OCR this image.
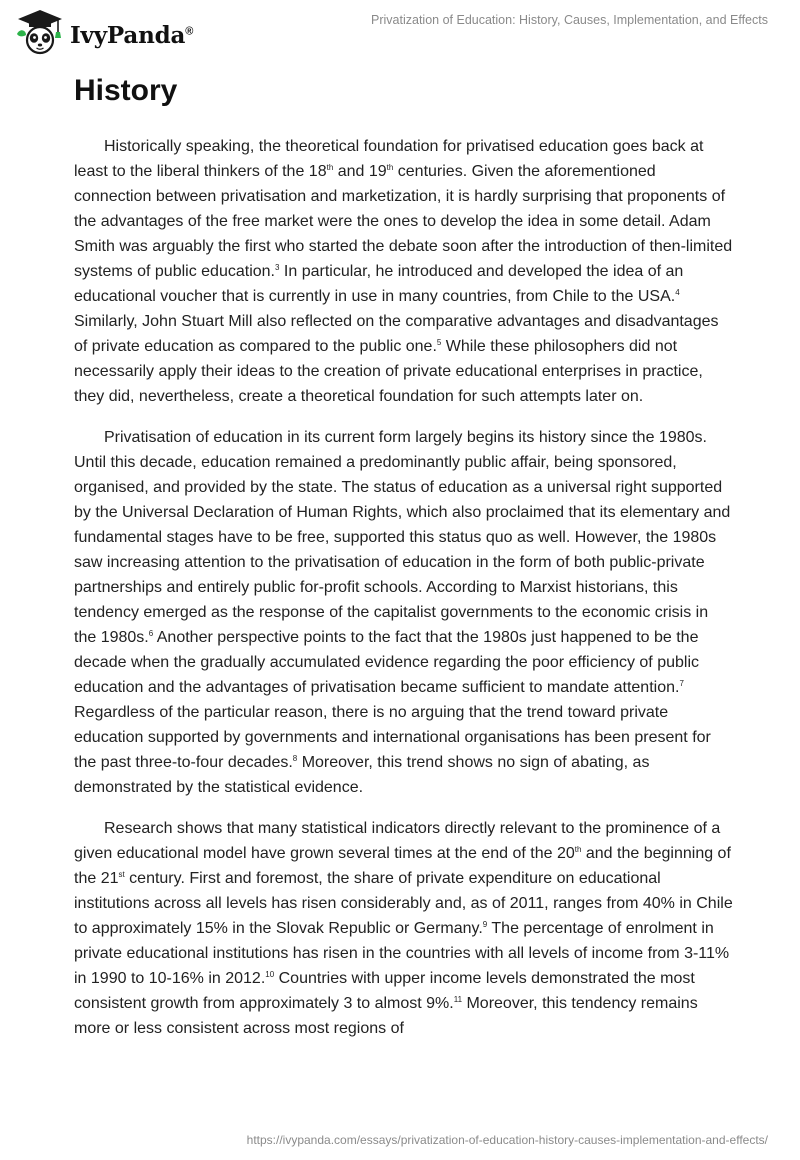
IvyPanda®
Privatization of Education: History, Causes, Implementation, and Effects
History

Historically speaking, the theoretical foundation for privatised education goes back at least to the liberal thinkers of the 18th and 19th centuries. Given the aforementioned connection between privatisation and marketization, it is hardly surprising that proponents of the advantages of the free market were the ones to develop the idea in some detail. Adam Smith was arguably the first who started the debate soon after the introduction of then-limited systems of public education.$^3$ In particular, he introduced and developed the idea of an educational voucher that is currently in use in many countries, from Chile to the USA.$^4$ Similarly, John Stuart Mill also reflected on the comparative advantages and disadvantages of private education as compared to the public one.$^5$ While these philosophers did not necessarily apply their ideas to the creation of private educational enterprises in practice, they did, nevertheless, create a theoretical foundation for such attempts later on.

Privatisation of education in its current form largely begins its history since the 1980s. Until this decade, education remained a predominantly public affair, being sponsored, organised, and provided by the state. The status of education as a universal right supported by the Universal Declaration of Human Rights, which also proclaimed that its elementary and fundamental stages have to be free, supported this status quo as well. However, the 1980s saw increasing attention to the privatisation of education in the form of both public-private partnerships and entirely public for-profit schools. According to Marxist historians, this tendency emerged as the response of the capitalist governments to the economic crisis in the 1980s.$^6$ Another perspective points to the fact that the 1980s just happened to be the decade when the gradually accumulated evidence regarding the poor efficiency of public education and the advantages of privatisation became sufficient to mandate attention.$^7$ Regardless of the particular reason, there is no arguing that the trend toward private education supported by governments and international organisations has been present for the past three-to-four decades.$^8$ Moreover, this trend shows no sign of abating, as demonstrated by the statistical evidence.

Research shows that many statistical indicators directly relevant to the prominence of a given educational model have grown several times at the end of the 20th and the beginning of the 21st century. First and foremost, the share of private expenditure on educational institutions across all levels has risen considerably and, as of 2011, ranges from 40% in Chile to approximately 15% in the Slovak Republic or Germany.$^9$ The percentage of enrolment in private educational institutions has risen in the countries with all levels of income from 3-11% in 1990 to 10-16% in 2012.10 Countries with upper income levels demonstrated the most consistent growth from approximately 3 to almost 9%.$^{11}$ Moreover, this tendency remains more or less consistent across most regions of

https://ivypanda.com/essays/privatization-of-education-history-causes-implementation-and-effects/
